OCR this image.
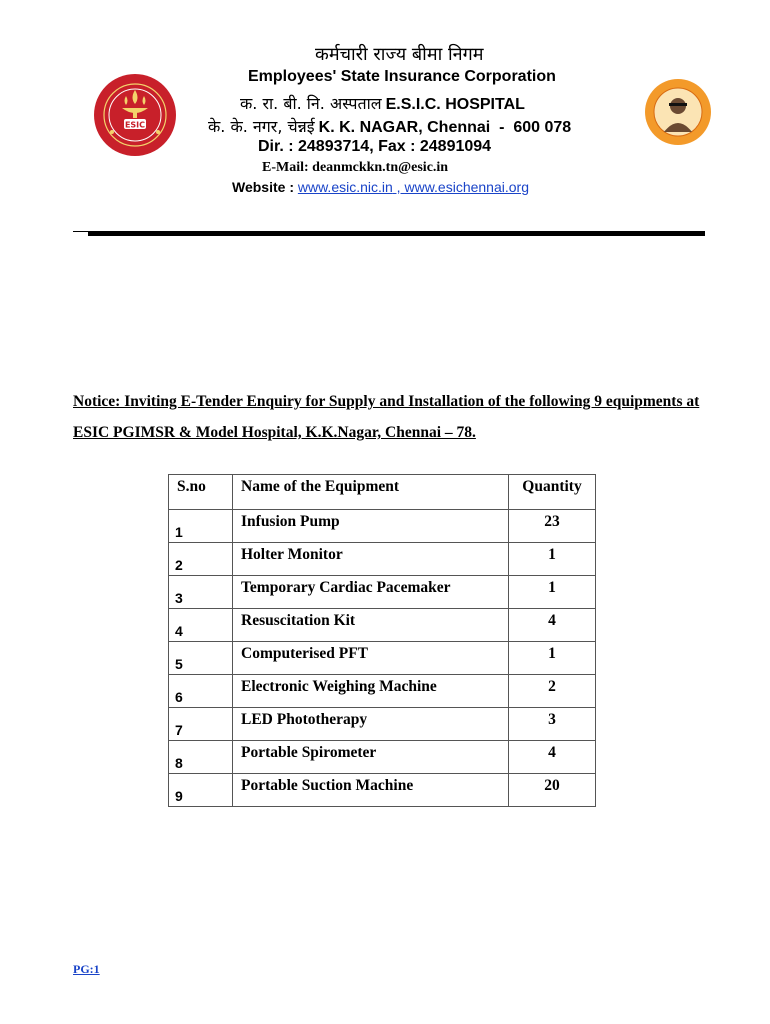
ESIC
कर्मचारी राज्य बीमा निगम
Employees' State Insurance Corporation
क. रा. बी. नि. अस्पताल E.S.I.C. HOSPITAL
के. के. नगर, चेन्नई K. K. NAGAR, Chennai  -  600 078
Dir. : 24893714, Fax : 24891094
E-Mail: deanmckkn.tn@esic.in
Website : www.esic.nic.in , www.esichennai.org
Notice: Inviting E-Tender Enquiry for Supply and Installation of the following 9 equipments at ESIC PGIMSR & Model Hospital, K.K.Nagar, Chennai – 78.
S.no	Name of the Equipment	Quantity
1	Infusion Pump	23
2	Holter Monitor	1
3	Temporary Cardiac Pacemaker	1
4	Resuscitation Kit	4
5	Computerised PFT	1
6	Electronic Weighing Machine	2
7	LED Phototherapy	3
8	Portable Spirometer	4
9	Portable Suction Machine	20
PG:1
